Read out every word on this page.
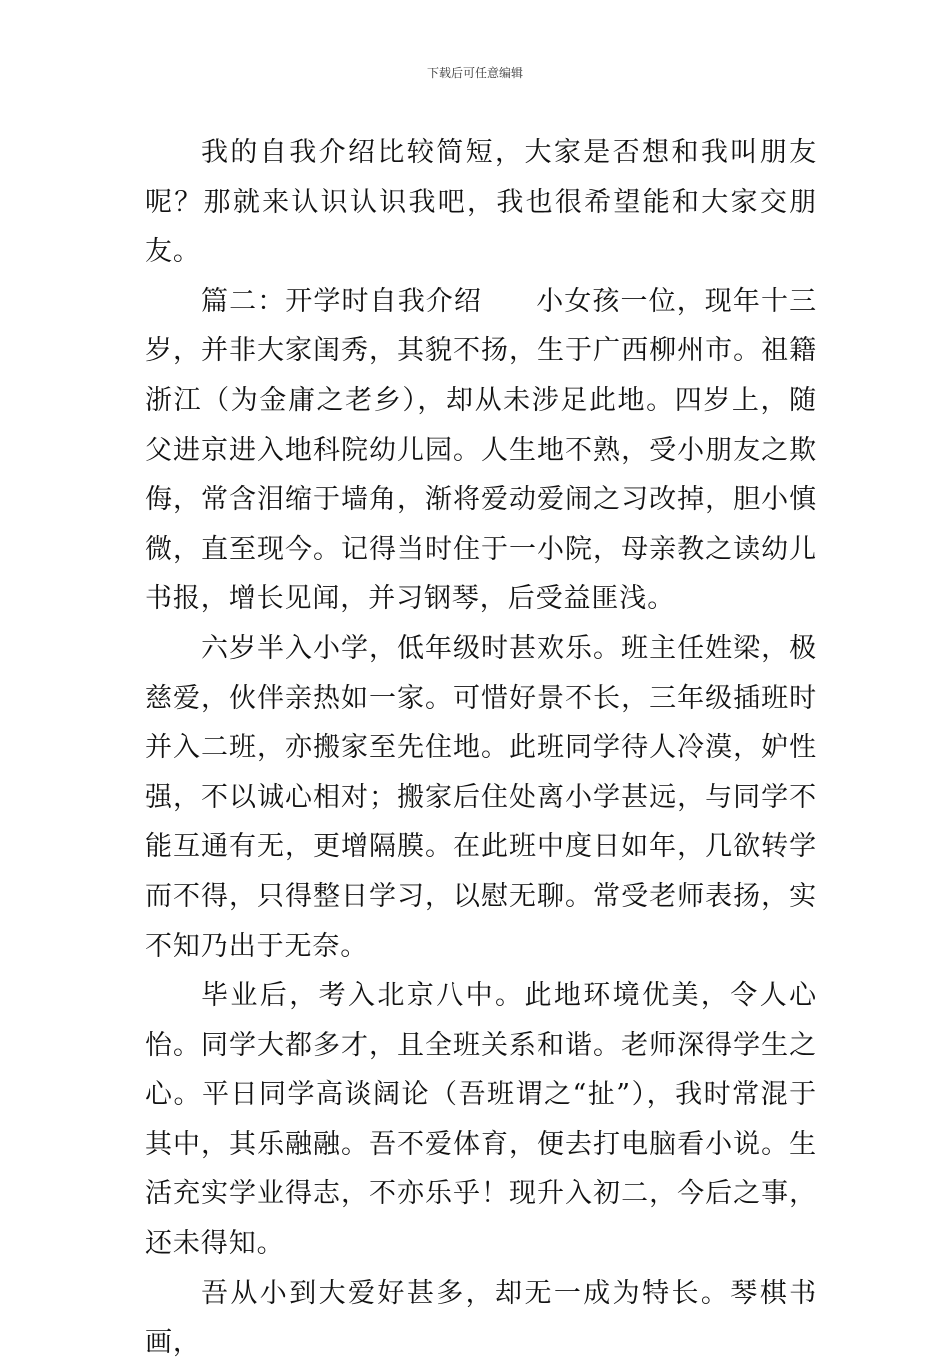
下载后可任意编辑

我的自我介绍比较简短，大家是否想和我叫朋友呢？那就来认识认识我吧，我也很希望能和大家交朋友。

篇二：开学时自我介绍 小女孩一位，现年十三岁，并非大家闺秀，其貌不扬，生于广西柳州市。祖籍浙江（为金庸之老乡），却从未涉足此地。四岁上，随父进京进入地科院幼儿园。人生地不熟，受小朋友之欺侮，常含泪缩于墙角，渐将爱动爱闹之习改掉，胆小慎微，直至现今。记得当时住于一小院，母亲教之读幼儿书报，增长见闻，并习钢琴，后受益匪浅。

六岁半入小学，低年级时甚欢乐。班主任姓梁，极慈爱，伙伴亲热如一家。可惜好景不长，三年级插班时并入二班，亦搬家至先住地。此班同学待人冷漠，妒性强，不以诚心相对；搬家后住处离小学甚远，与同学不能互通有无，更增隔膜。在此班中度日如年，几欲转学而不得，只得整日学习，以慰无聊。常受老师表扬，实不知乃出于无奈。

毕业后，考入北京八中。此地环境优美，令人心怡。同学大都多才，且全班关系和谐。老师深得学生之心。平日同学高谈阔论（吾班谓之“扯”），我时常混于其中，其乐融融。吾不爱体育，便去打电脑看小说。生活充实学业得志，不亦乐乎！现升入初二，今后之事，还未得知。

吾从小到大爱好甚多，却无一成为特长。琴棋书画，
